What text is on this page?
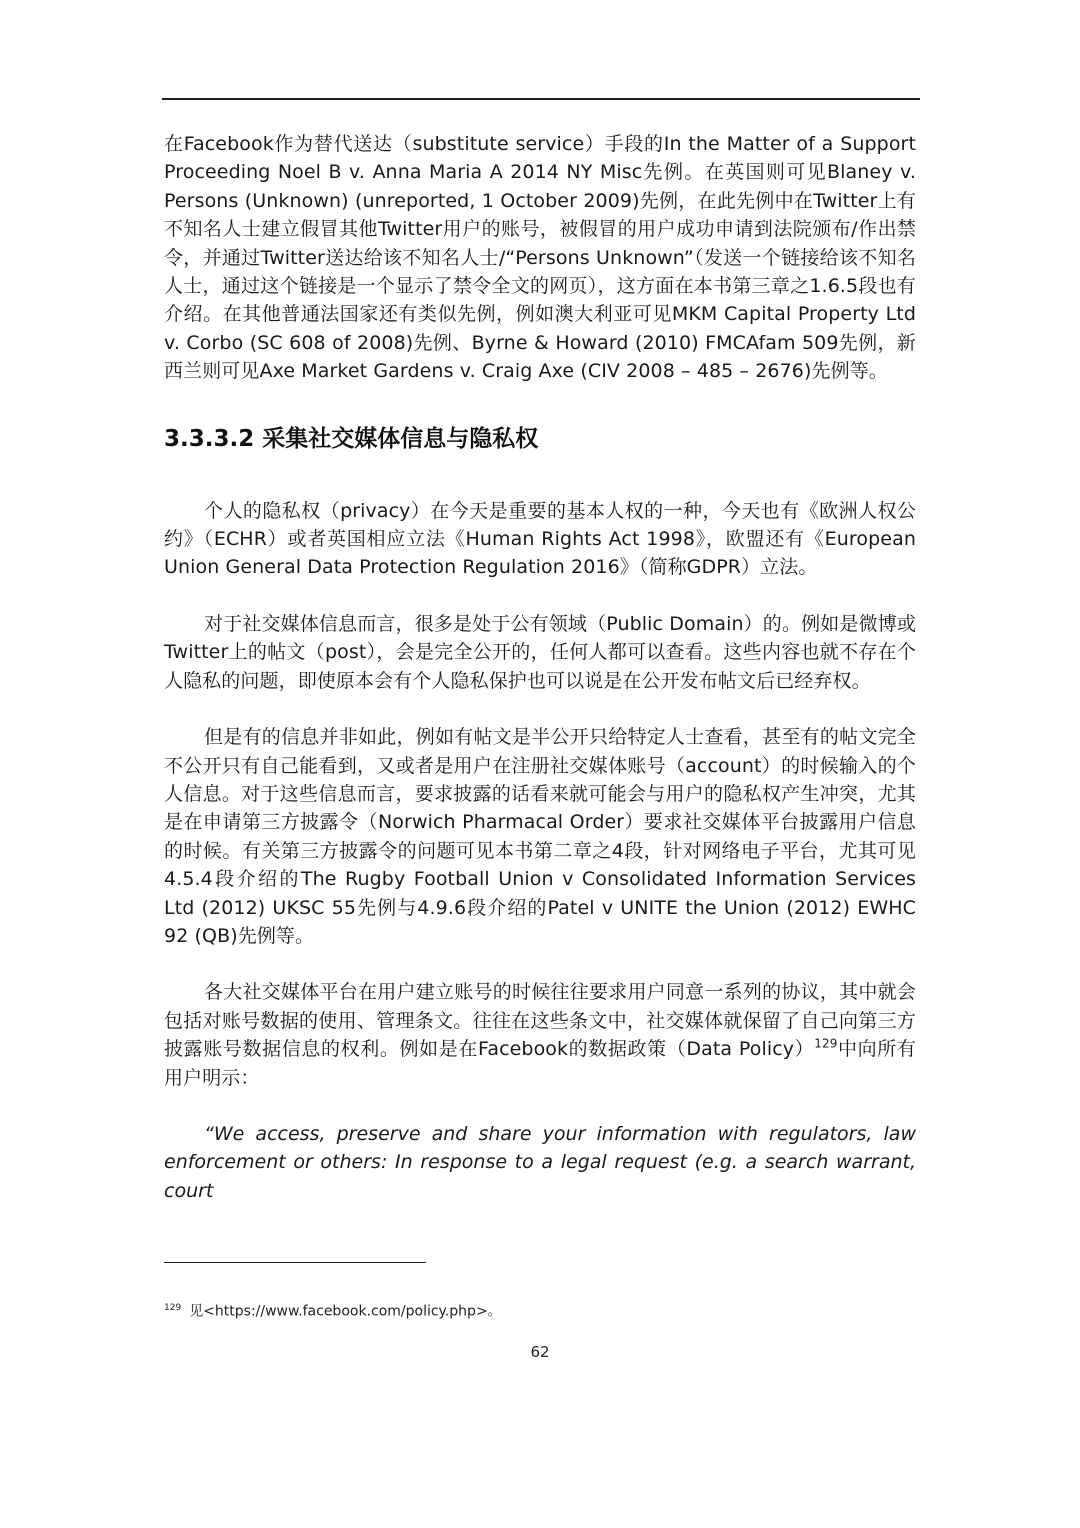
在Facebook作为替代送达（substitute service）手段的In the Matter of a Support Proceeding Noel B v. Anna Maria A 2014 NY Misc先例。在英国则可见Blaney v. Persons (Unknown) (unreported, 1 October 2009)先例，在此先例中在Twitter上有不知名人士建立假冒其他Twitter用户的账号，被假冒的用户成功申请到法院颁布/作出禁令，并通过Twitter送达给该不知名人士/“Persons Unknown”（发送一个链接给该不知名人士，通过这个链接是一个显示了禁令全文的网页），这方面在本书第三章之1.6.5段也有介绍。在其他普通法国家还有类似先例，例如澳大利亚可见MKM Capital Property Ltd v. Corbo (SC 608 of 2008)先例、Byrne & Howard (2010) FMCAfam 509先例，新西兰则可见Axe Market Gardens v. Craig Axe (CIV 2008 – 485 – 2676)先例等。

3.3.3.2 采集社交媒体信息与隐私权

个人的隐私权（privacy）在今天是重要的基本人权的一种，今天也有《欧洲人权公约》（ECHR）或者英国相应立法《Human Rights Act 1998》，欧盟还有《European Union General Data Protection Regulation 2016》（简称GDPR）立法。

对于社交媒体信息而言，很多是处于公有领域（Public Domain）的。例如是微博或Twitter上的帖文（post），会是完全公开的，任何人都可以查看。这些内容也就不存在个人隐私的问题，即使原本会有个人隐私保护也可以说是在公开发布帖文后已经弃权。

但是有的信息并非如此，例如有帖文是半公开只给特定人士查看，甚至有的帖文完全不公开只有自己能看到，又或者是用户在注册社交媒体账号（account）的时候输入的个人信息。对于这些信息而言，要求披露的话看来就可能会与用户的隐私权产生冲突，尤其是在申请第三方披露令（Norwich Pharmacal Order）要求社交媒体平台披露用户信息的时候。有关第三方披露令的问题可见本书第二章之4段，针对网络电子平台，尤其可见4.5.4段介绍的The Rugby Football Union v Consolidated Information Services Ltd (2012) UKSC 55先例与4.9.6段介绍的Patel v UNITE the Union (2012) EWHC 92 (QB)先例等。

各大社交媒体平台在用户建立账号的时候往往要求用户同意一系列的协议，其中就会包括对账号数据的使用、管理条文。往往在这些条文中，社交媒体就保留了自己向第三方披露账号数据信息的权利。例如是在Facebook的数据政策（Data Policy）$^{129}$中向所有用户明示：

“We access, preserve and share your information with regulators, law enforcement or others: In response to a legal request (e.g. a search warrant, court

$^{129}$ 见<https://www.facebook.com/policy.php>。
62
